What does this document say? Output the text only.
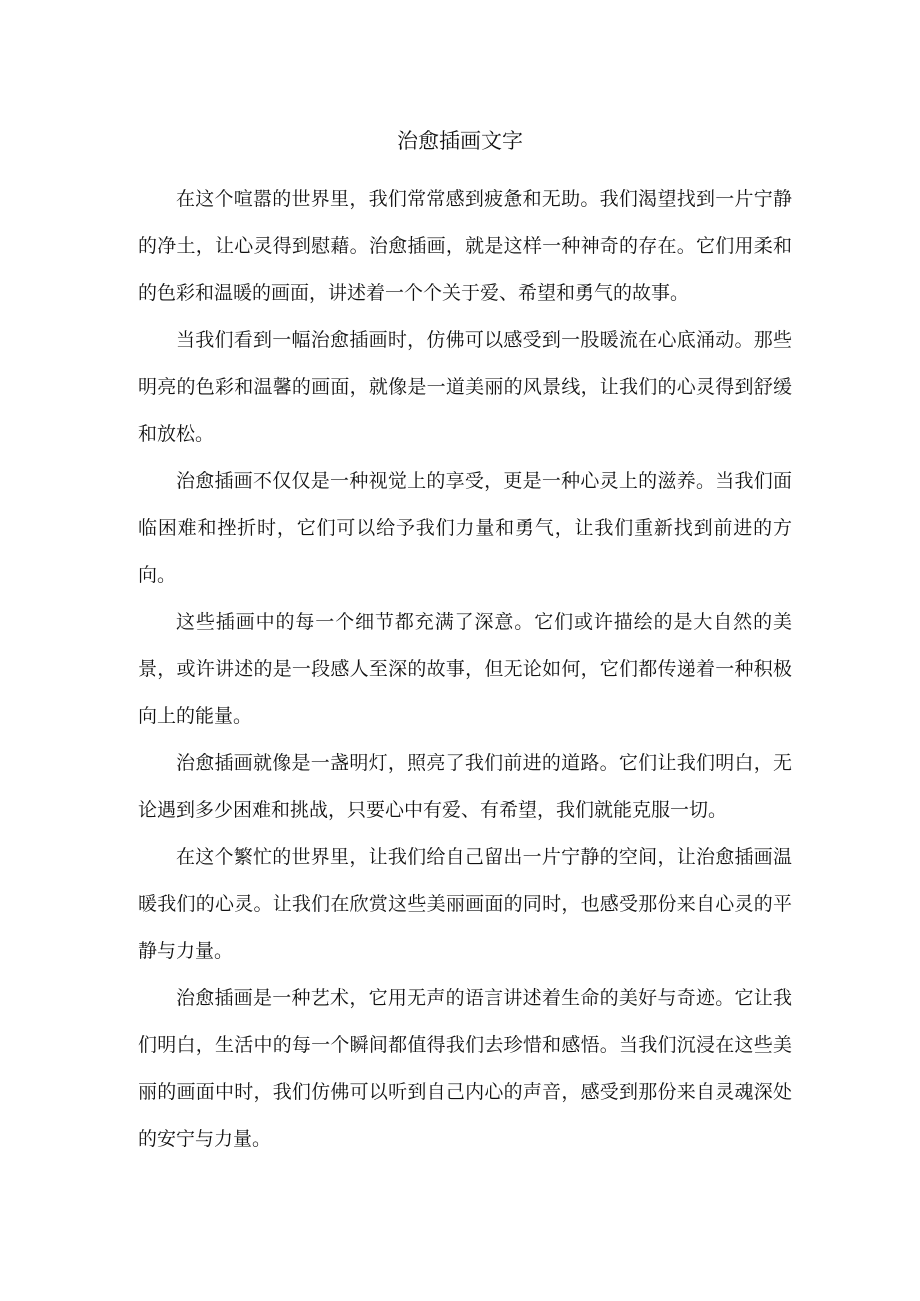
治愈插画文字

在这个喧嚣的世界里，我们常常感到疲惫和无助。我们渴望找到一片宁静的净土，让心灵得到慰藉。治愈插画，就是这样一种神奇的存在。它们用柔和的色彩和温暖的画面，讲述着一个个关于爱、希望和勇气的故事。

当我们看到一幅治愈插画时，仿佛可以感受到一股暖流在心底涌动。那些明亮的色彩和温馨的画面，就像是一道美丽的风景线，让我们的心灵得到舒缓和放松。

治愈插画不仅仅是一种视觉上的享受，更是一种心灵上的滋养。当我们面临困难和挫折时，它们可以给予我们力量和勇气，让我们重新找到前进的方向。

这些插画中的每一个细节都充满了深意。它们或许描绘的是大自然的美景，或许讲述的是一段感人至深的故事，但无论如何，它们都传递着一种积极向上的能量。

治愈插画就像是一盏明灯，照亮了我们前进的道路。它们让我们明白，无论遇到多少困难和挑战，只要心中有爱、有希望，我们就能克服一切。

在这个繁忙的世界里，让我们给自己留出一片宁静的空间，让治愈插画温暖我们的心灵。让我们在欣赏这些美丽画面的同时，也感受那份来自心灵的平静与力量。

治愈插画是一种艺术，它用无声的语言讲述着生命的美好与奇迹。它让我们明白，生活中的每一个瞬间都值得我们去珍惜和感悟。当我们沉浸在这些美丽的画面中时，我们仿佛可以听到自己内心的声音，感受到那份来自灵魂深处的安宁与力量。
